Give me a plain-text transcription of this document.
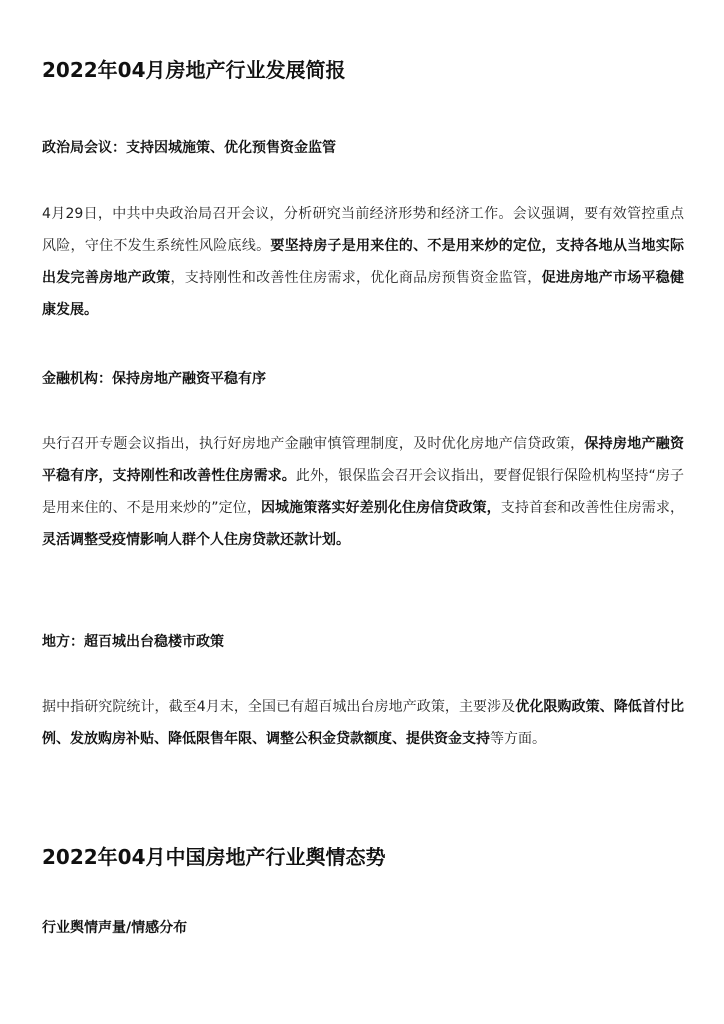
2022年04月房地产行业发展简报
政治局会议：支持因城施策、优化预售资金监管
4月29日，中共中央政治局召开会议，分析研究当前经济形势和经济工作。会议强调，要有效管控重点风险，守住不发生系统性风险底线。要坚持房子是用来住的、不是用来炒的定位，支持各地从当地实际出发完善房地产政策，支持刚性和改善性住房需求，优化商品房预售资金监管，促进房地产市场平稳健康发展。
金融机构：保持房地产融资平稳有序
央行召开专题会议指出，执行好房地产金融审慎管理制度，及时优化房地产信贷政策，保持房地产融资平稳有序，支持刚性和改善性住房需求。此外，银保监会召开会议指出，要督促银行保险机构坚持“房子是用来住的、不是用来炒的”定位，因城施策落实好差别化住房信贷政策，支持首套和改善性住房需求，灵活调整受疫情影响人群个人住房贷款还款计划。
地方：超百城出台稳楼市政策
据中指研究院统计，截至4月末，全国已有超百城出台房地产政策，主要涉及优化限购政策、降低首付比例、发放购房补贴、降低限售年限、调整公积金贷款额度、提供资金支持等方面。
2022年04月中国房地产行业舆情态势
行业舆情声量/情感分布
